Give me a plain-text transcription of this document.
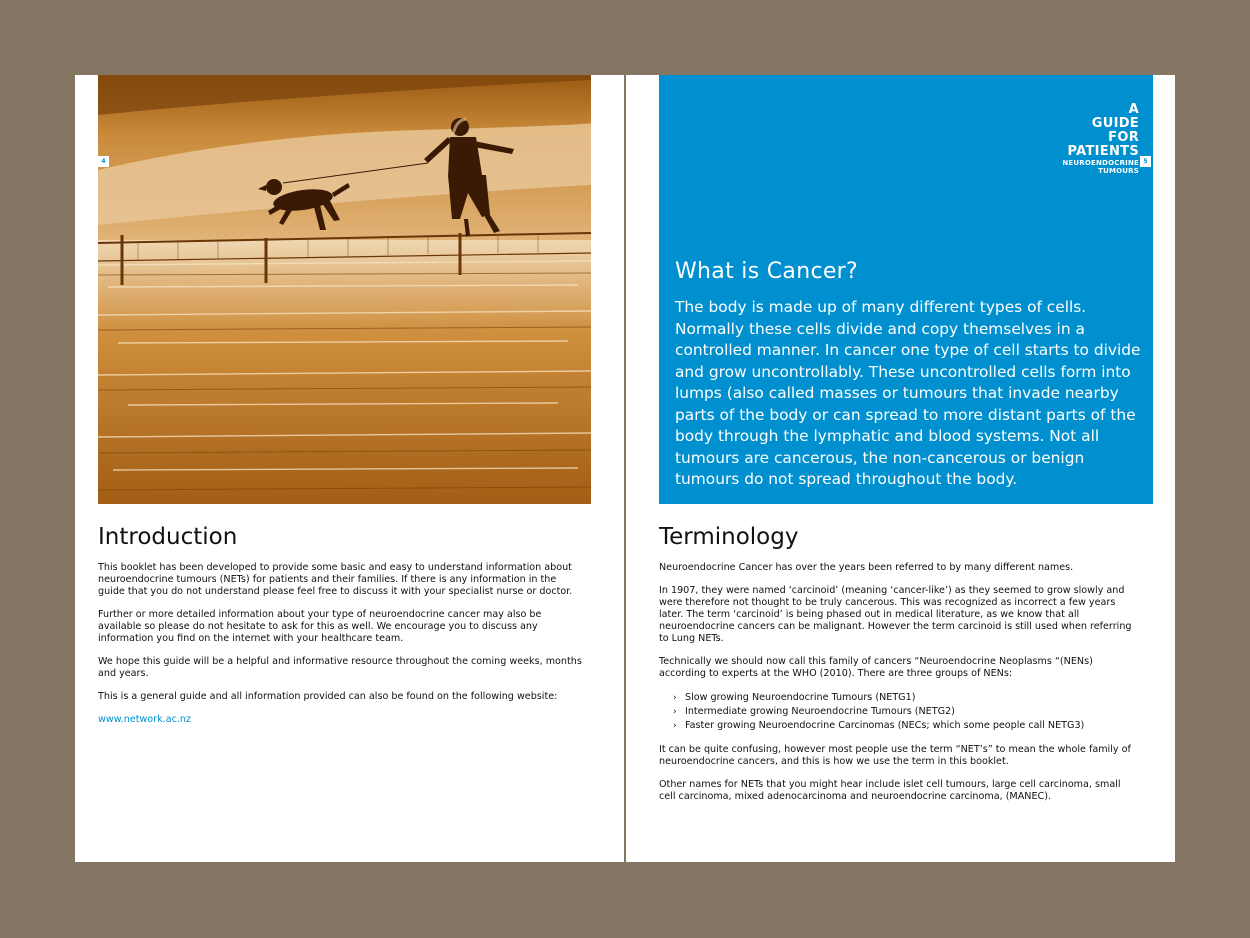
Introduction

This booklet has been developed to provide some basic and easy to understand information about neuroendocrine tumours (NETs) for patients and their families. If there is any information in the guide that you do not understand please feel free to discuss it with your specialist nurse or doctor.

Further or more detailed information about your type of neuroendocrine cancer may also be available so please do not hesitate to ask for this as well. We encourage you to discuss any information you find on the internet with your healthcare team.

We hope this guide will be a helpful and informative resource throughout the coming weeks, months and years.

This is a general guide and all information provided can also be found on the following website:

www.network.ac.nz

A
GUIDE
FOR
PATIENTS
NEUROENDOCRINE
TUMOURS
What is Cancer?

The body is made up of many different types of cells. Normally these cells divide and copy themselves in a controlled manner. In cancer one type of cell starts to divide and grow uncontrollably. These uncontrolled cells form into lumps (also called masses or tumours that invade nearby parts of the body or can spread to more distant parts of the body through the lymphatic and blood systems. Not all tumours are cancerous, the non-cancerous or benign tumours do not spread throughout the body.

Terminology

Neuroendocrine Cancer has over the years been referred to by many different names.

In 1907, they were named ‘carcinoid’ (meaning ‘cancer-like’) as they seemed to grow slowly and were therefore not thought to be truly cancerous. This was recognized as incorrect a few years later. The term ‘carcinoid’ is being phased out in medical literature, as we know that all neuroendocrine cancers can be malignant. However the term carcinoid is still used when referring to Lung NETs.

Technically we should now call this family of cancers “Neuroendocrine Neoplasms “(NENs) according to experts at the WHO (2010). There are three groups of NENs:

› Slow growing Neuroendocrine Tumours (NETG1)
› Intermediate growing Neuroendocrine Tumours (NETG2)
› Faster growing Neuroendocrine Carcinomas (NECs; which some people call NETG3)

It can be quite confusing, however most people use the term “NET’s” to mean the whole family of neuroendocrine cancers, and this is how we use the term in this booklet.

Other names for NETs that you might hear include islet cell tumours, large cell carcinoma, small cell carcinoma, mixed adenocarcinoma and neuroendocrine carcinoma, (MANEC).

4	5
